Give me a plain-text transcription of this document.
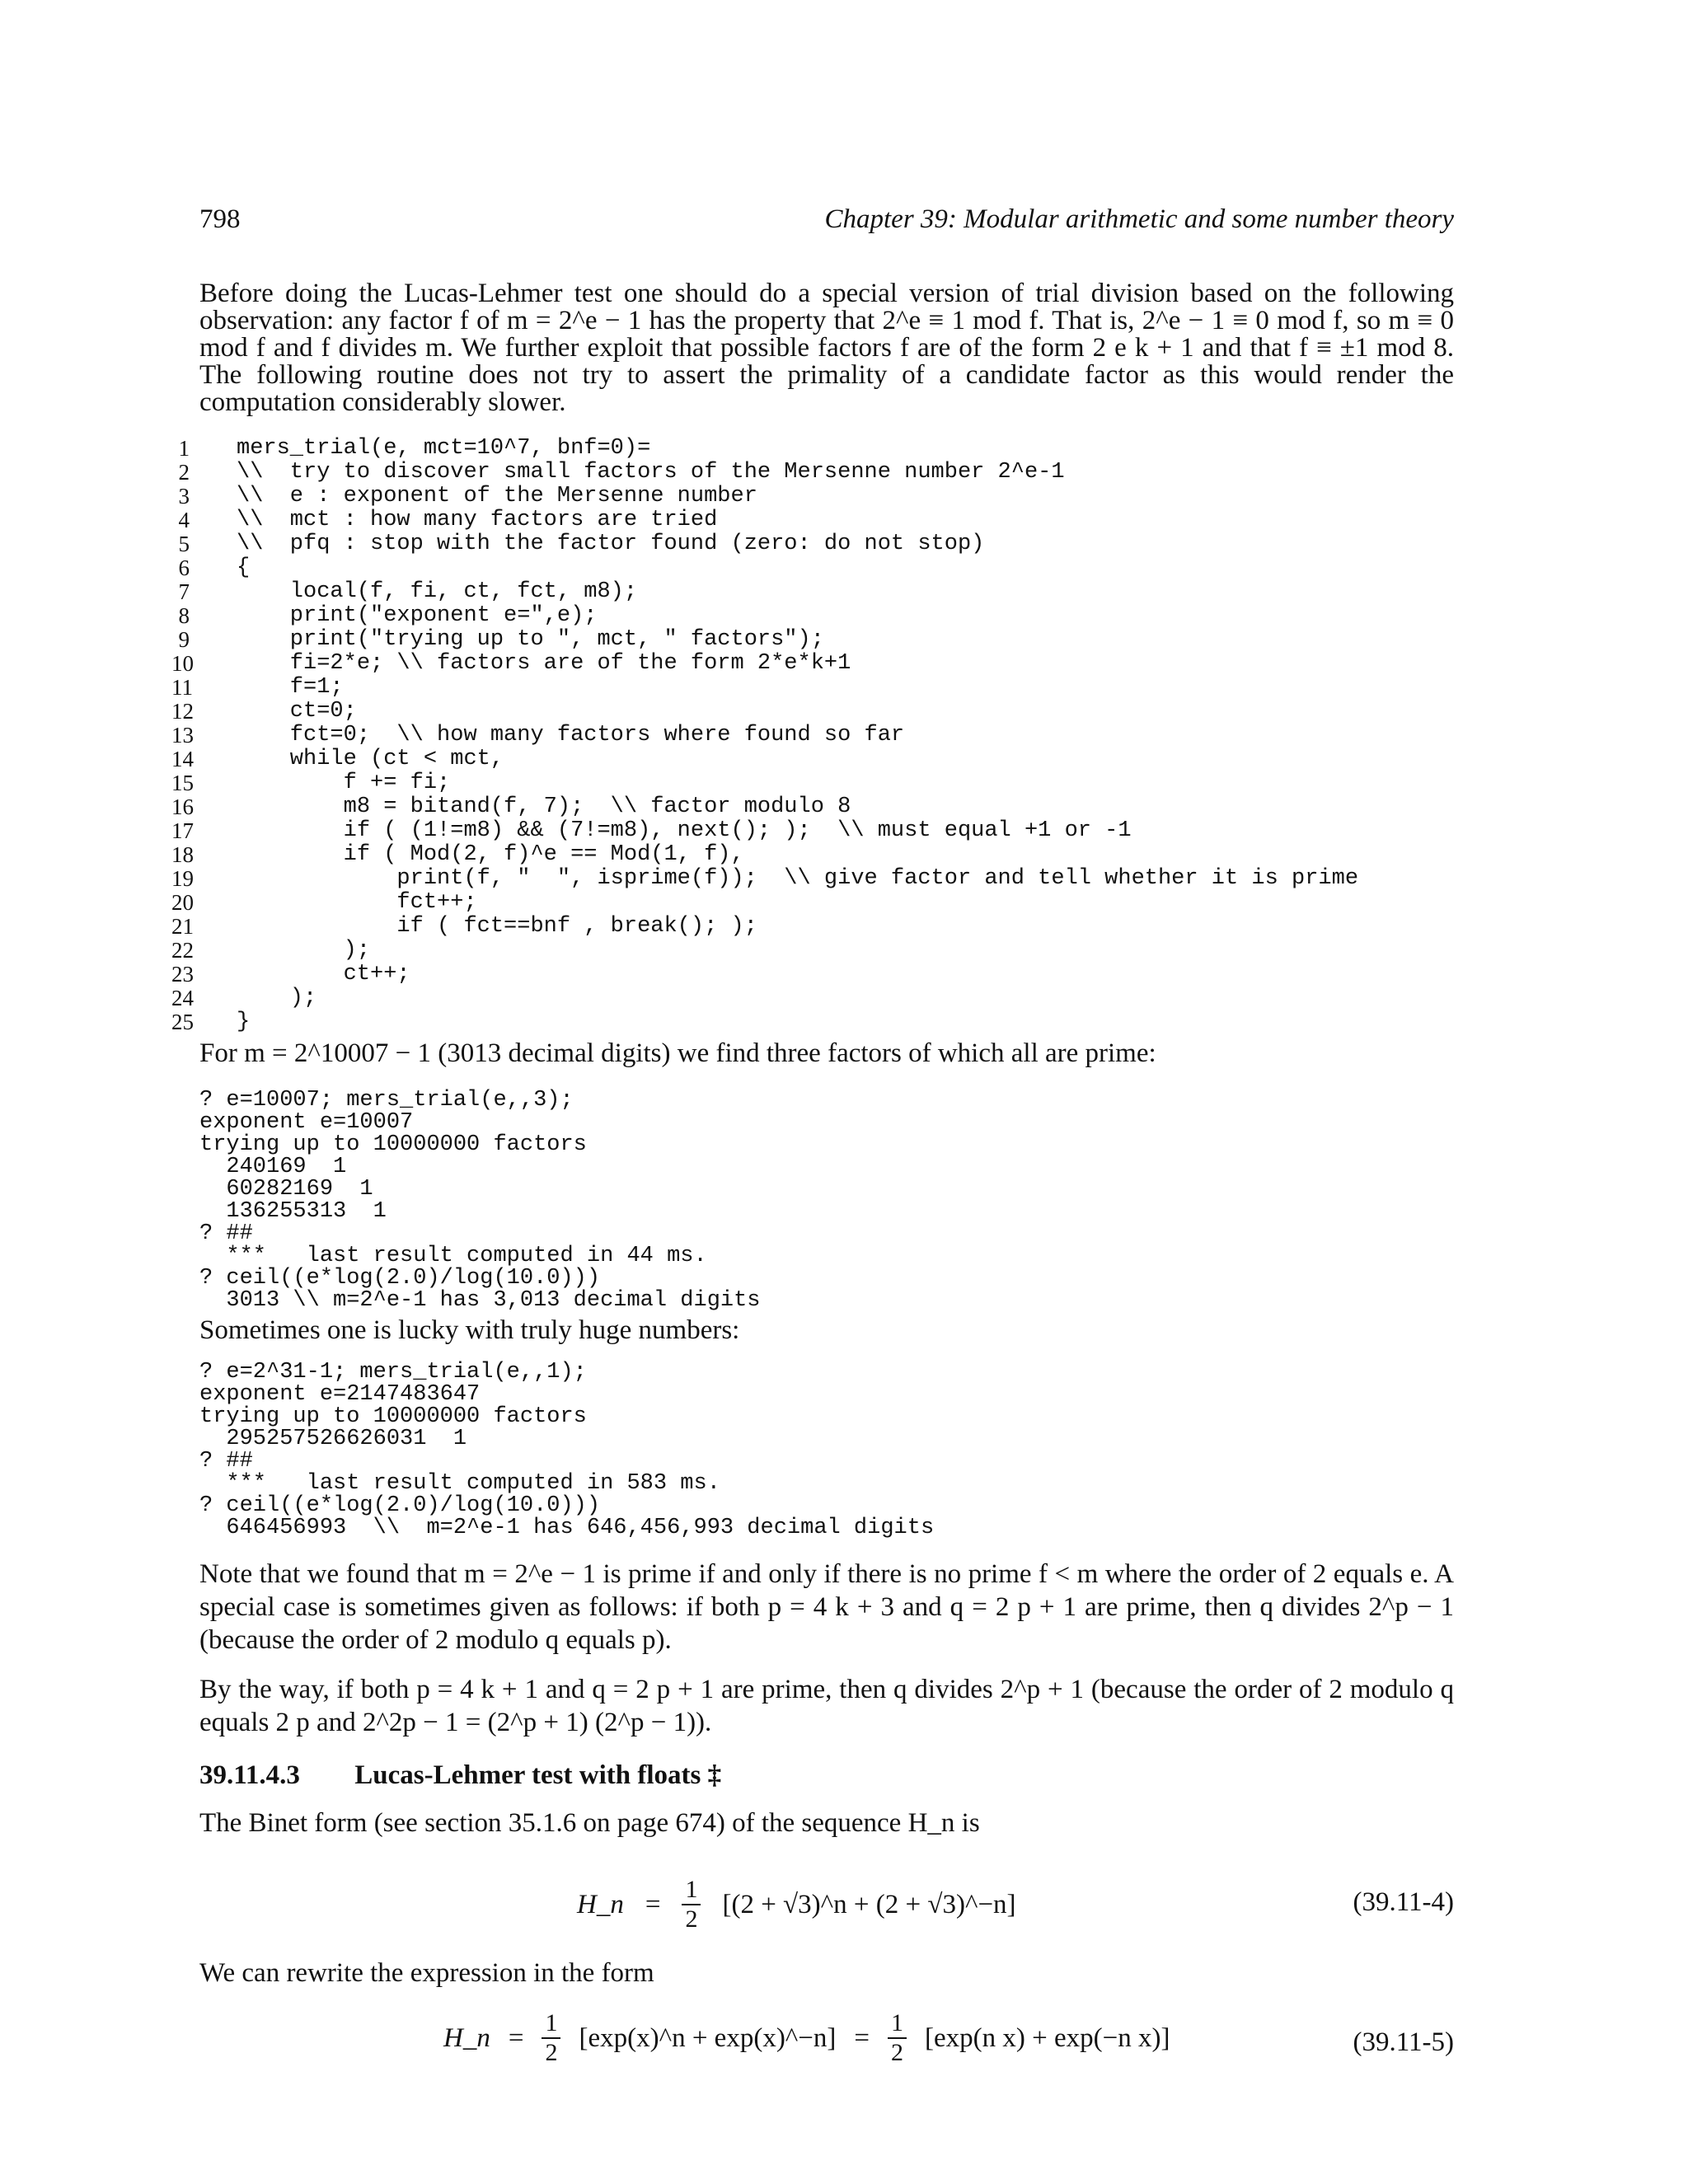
798	Chapter 39: Modular arithmetic and some number theory
Before doing the Lucas-Lehmer test one should do a special version of trial division based on the following observation: any factor f of m = 2^e − 1 has the property that 2^e ≡ 1 mod f. That is, 2^e − 1 ≡ 0 mod f, so m ≡ 0 mod f and f divides m. We further exploit that possible factors f are of the form 2 e k + 1 and that f ≡ ±1 mod 8. The following routine does not try to assert the primality of a candidate factor as this would render the computation considerably slower.
1
2
3
4
5
6
7
8
9
10
11
12
13
14
15
16
17
18
19
20
21
22
23
24
25
mers_trial(e, mct=10^7, bnf=0)=
\\  try to discover small factors of the Mersenne number 2^e-1
\\  e : exponent of the Mersenne number
\\  mct : how many factors are tried
\\  pfq : stop with the factor found (zero: do not stop)
{
local(f, fi, ct, fct, m8);
print("exponent e=",e);
print("trying up to ", mct, " factors");
fi=2*e; \\ factors are of the form 2*e*k+1
f=1;
ct=0;
fct=0;  \\ how many factors where found so far
while (ct < mct,
f += fi;
m8 = bitand(f, 7);  \\ factor modulo 8
if ( (1!=m8) && (7!=m8), next(); );  \\ must equal +1 or -1
if ( Mod(2, f)^e == Mod(1, f),
print(f, "  ", isprime(f));  \\ give factor and tell whether it is prime
fct++;
if ( fct==bnf , break(); );
);
ct++;
);
}
For m = 2^10007 − 1 (3013 decimal digits) we find three factors of which all are prime:
? e=10007; mers_trial(e,,3);
exponent e=10007
trying up to 10000000 factors
240169  1
60282169  1
136255313  1
? ##
***   last result computed in 44 ms.
? ceil((e*log(2.0)/log(10.0)))
3013 \\ m=2^e-1 has 3,013 decimal digits
Sometimes one is lucky with truly huge numbers:
? e=2^31-1; mers_trial(e,,1);
exponent e=2147483647
trying up to 10000000 factors
295257526626031  1
? ##
***   last result computed in 583 ms.
? ceil((e*log(2.0)/log(10.0)))
646456993  \\  m=2^e-1 has 646,456,993 decimal digits
Note that we found that m = 2^e − 1 is prime if and only if there is no prime f < m where the order of 2 equals e. A special case is sometimes given as follows: if both p = 4 k + 3 and q = 2 p + 1 are prime, then q divides 2^p − 1 (because the order of 2 modulo q equals p).
By the way, if both p = 4 k + 1 and q = 2 p + 1 are prime, then q divides 2^p + 1 (because the order of 2 modulo q equals 2 p and 2^2p − 1 = (2^p + 1) (2^p − 1)).
39.11.4.3 Lucas-Lehmer test with floats ‡
The Binet form (see section 35.1.6 on page 674) of the sequence H_n is
H_n = $\frac{1}{2} [(2$ + √3)^n + (2 + √3)^−n]	(39.11-4)
We can rewrite the expression in the form
H_n = $\frac{1}{2}$ [exp(x)^n + exp(x)^−n] = $\frac{1}{2} [\exp(n$ x) + exp(−n x)]	(39.11-5)
